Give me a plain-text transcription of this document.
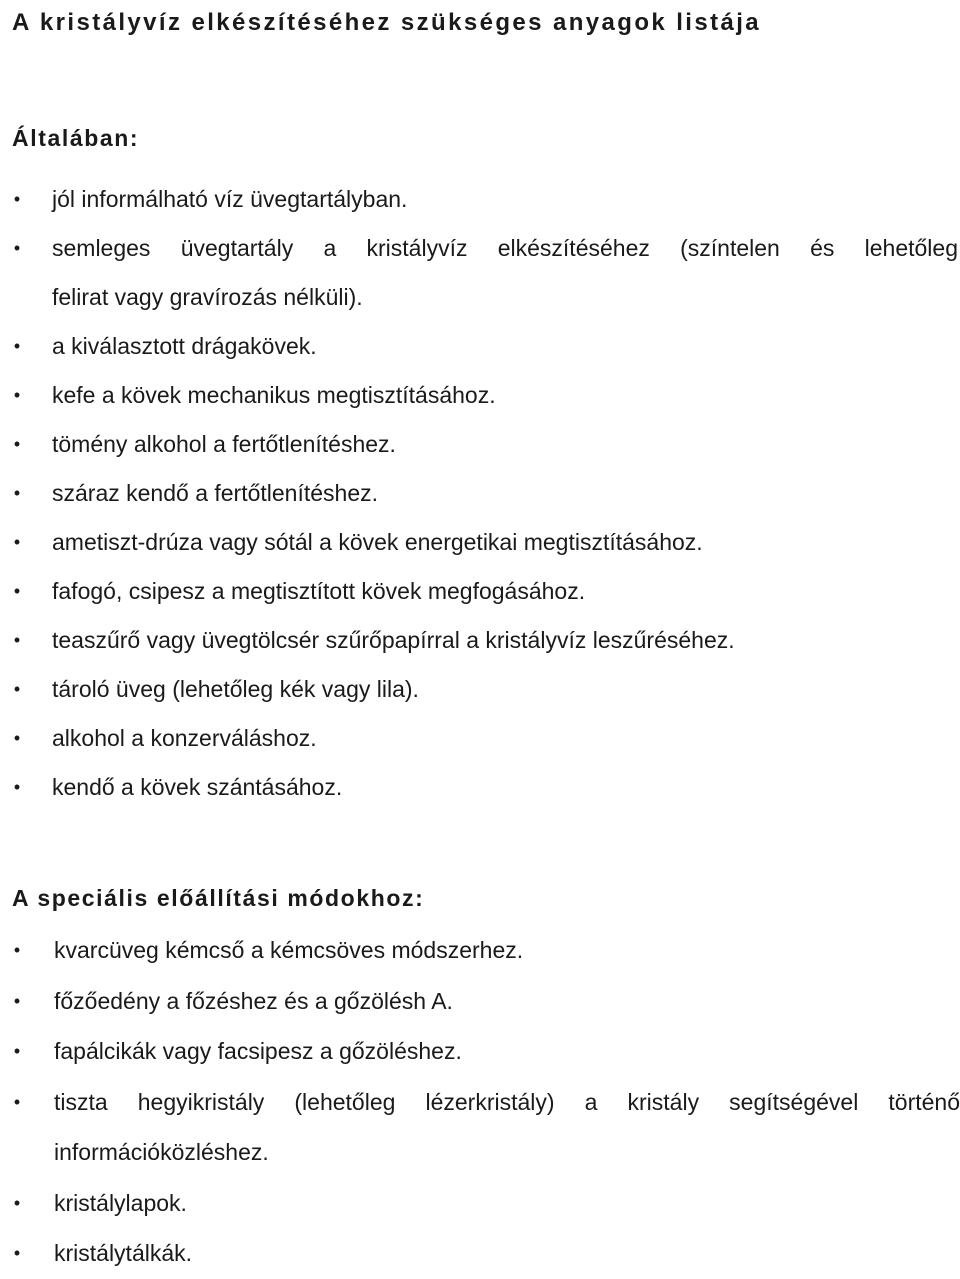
A kristályvíz elkészítéséhez szükséges anyagok listája
Általában:
•
jól informálható víz üvegtartályban.
•
semleges üvegtartály a kristályvíz elkészítéséhez (színtelen és lehetőleg
felirat vagy gravírozás nélküli).
•
a kiválasztott drágakövek.
•
kefe a kövek mechanikus megtisztításához.
•
tömény alkohol a fertőtlenítéshez.
•
száraz kendő a fertőtlenítéshez.
•
ametiszt-drúza vagy sótál a kövek energetikai megtisztításához.
•
fafogó, csipesz a megtisztított kövek megfogásához.
•
teaszűrő vagy üvegtölcsér szűrőpapírral a kristályvíz leszűréséhez.
•
tároló üveg (lehetőleg kék vagy lila).
•
alkohol a konzerváláshoz.
•
kendő a kövek szántásához.
A speciális előállítási módokhoz:
•
kvarcüveg kémcső a kémcsöves módszerhez.
•
főzőedény a főzéshez és a gőzölésh A.
•
fapálcikák vagy facsipesz a gőzöléshez.
•
tiszta hegyikristály (lehetőleg lézerkristály) a kristály segítségével történő
információközléshez.
•
kristálylapok.
•
kristálytálkák.
